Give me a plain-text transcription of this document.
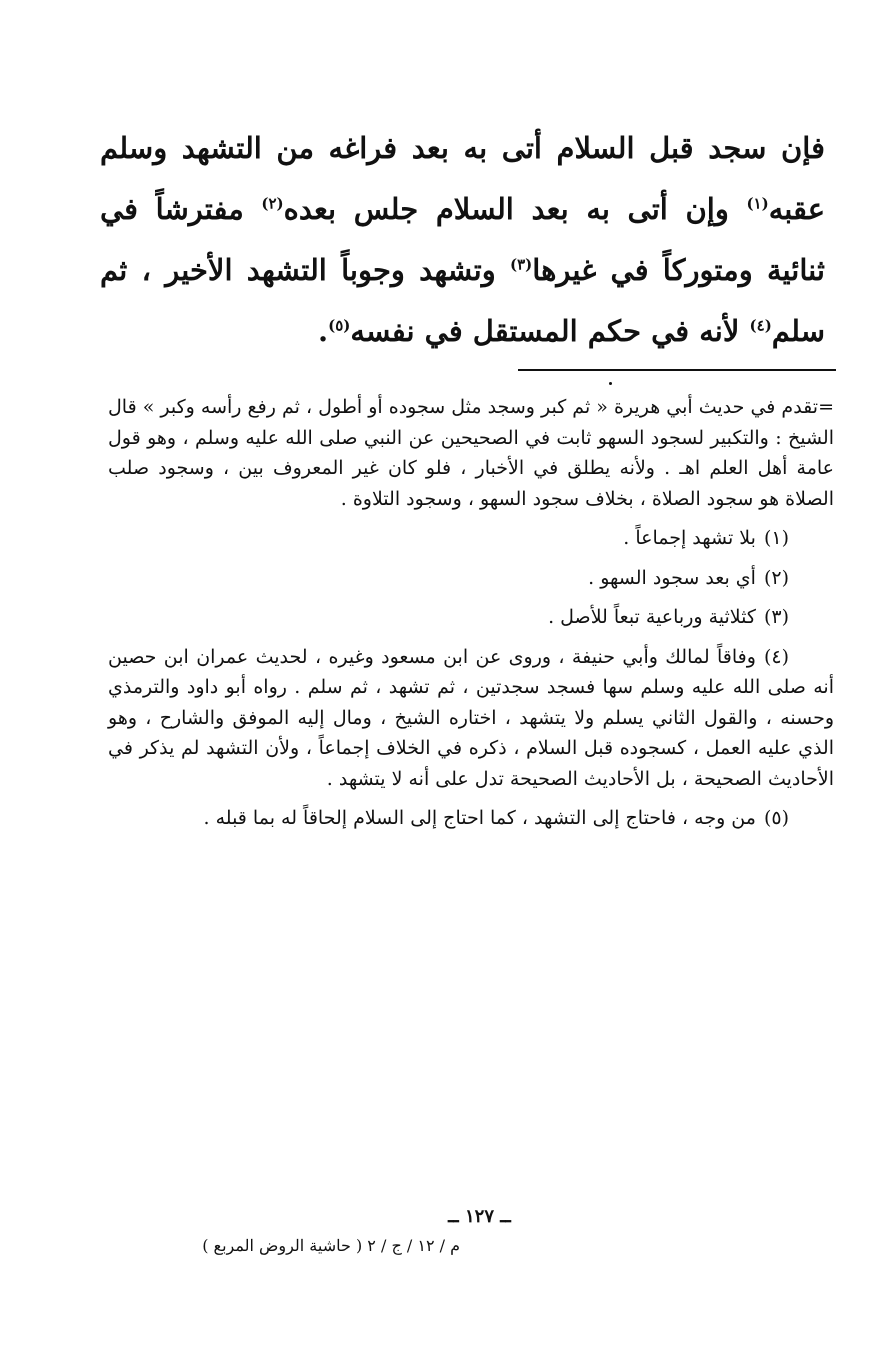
فإن سجد قبل السلام أتى به بعد فراغه من التشهد وسلم عقبه$^{(١)}$ وإن أتى به بعد السلام جلس بعده$^{(٢)}$ مفترشاً في ثنائية ومتوركاً في غيرها$^{(٣)}$ وتشهد وجوباً التشهد الأخير ، ثم سلم$^{(٤)}$ لأنه في حكم المستقل في نفسه$^{(٥)}$.

=تقدم في حديث أبي هريرة « ثم كبر وسجد مثل سجوده أو أطول ، ثم رفع رأسه وكبر » قال الشيخ : والتكبير لسجود السهو ثابت في الصحيحين عن النبي صلى الله عليه وسلم ، وهو قول عامة أهل العلم اهـ . ولأنه يطلق في الأخبار ، فلو كان غير المعروف بين ، وسجود صلب الصلاة هو سجود الصلاة ، بخلاف سجود السهو ، وسجود التلاوة .

(١)بلا تشهد إجماعاً .

(٢)أي بعد سجود السهو .

(٣)كثلاثية ورباعية تبعاً للأصل .

(٤)وفاقاً لمالك وأبي حنيفة ، وروى عن ابن مسعود وغيره ، لحديث عمران ابن حصين أنه صلى الله عليه وسلم سها فسجد سجدتين ، ثم تشهد ، ثم سلم . رواه أبو داود والترمذي وحسنه ، والقول الثاني يسلم ولا يتشهد ، اختاره الشيخ ، ومال إليه الموفق والشارح ، وهو الذي عليه العمل ، كسجوده قبل السلام ، ذكره في الخلاف إجماعاً ، ولأن التشهد لم يذكر في الأحاديث الصحيحة ، بل الأحاديث الصحيحة تدل على أنه لا يتشهد .

(٥)من وجه ، فاحتاج إلى التشهد ، كما احتاج إلى السلام إلحاقاً له بما قبله .

ــ ١٢٧ ــ
م / ١٢ / ج / ٢ ( حاشية الروض المربع )
